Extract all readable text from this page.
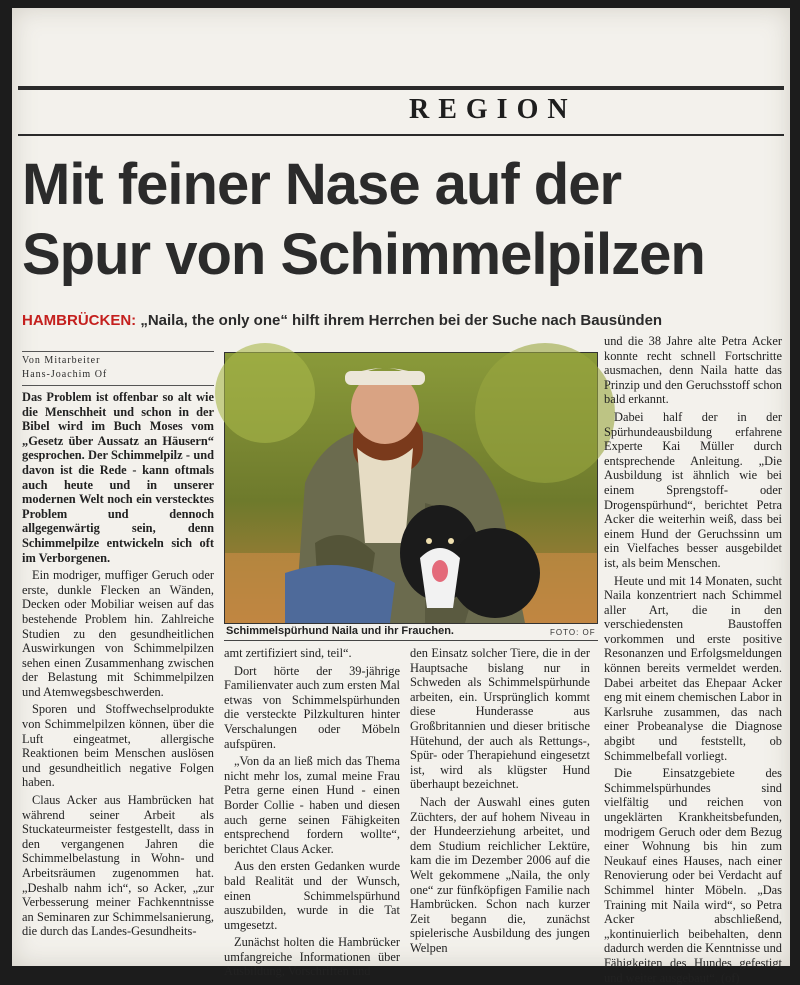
REGION
Mit feiner Nase auf der
Spur von Schimmelpilzen
HAMBRÜCKEN: „Naila, the only one“ hilft ihrem Herrchen bei der Suche nach Bausünden
Von Mitarbeiter
Hans-Joachim Of

Das Problem ist offenbar so alt wie die Menschheit und schon in der Bibel wird im Buch Moses vom „Gesetz über Aussatz an Häusern“ gesprochen. Der Schimmelpilz - und davon ist die Rede - kann oftmals auch heute und in unserer modernen Welt noch ein verstecktes Problem und dennoch allgegenwärtig sein, denn Schimmelpilze entwickeln sich oft im Verborgenen.

Ein modriger, muffiger Geruch oder erste, dunkle Flecken an Wänden, Decken oder Mobiliar weisen auf das bestehende Problem hin. Zahlreiche Studien zu den gesundheitlichen Auswirkungen von Schimmelpilzen sehen einen Zusammenhang zwischen der Belastung mit Schimmelpilzen und Atemwegsbeschwerden.

Sporen und Stoffwechselprodukte von Schimmelpilzen können, über die Luft eingeatmet, allergische Reaktionen beim Menschen auslösen und gesundheitlich negative Folgen haben.

Claus Acker aus Hambrücken hat während seiner Arbeit als Stuckateurmeister festgestellt, dass in den vergangenen Jahren die Schimmelbelastung in Wohn- und Arbeitsräumen zugenommen hat. „Deshalb nahm ich“, so Acker, „zur Verbesserung meiner Fachkenntnisse an Seminaren zur Schimmelsanierung, die durch das Landes-Gesundheits-

Schimmelspürhund Naila und ihr Frauchen.	FOTO: OF

amt zertifiziert sind, teil“.

Dort hörte der 39-jährige Familienvater auch zum ersten Mal etwas von Schimmelspürhunden die versteckte Pilzkulturen hinter Verschalungen oder Möbeln aufspüren.

„Von da an ließ mich das Thema nicht mehr los, zumal meine Frau Petra gerne einen Hund - einen Border Collie - haben und diesen auch gerne seinen Fähigkeiten entsprechend fordern wollte“, berichtet Claus Acker.

Aus den ersten Gedanken wurde bald Realität und der Wunsch, einen Schimmelspürhund auszubilden, wurde in die Tat umgesetzt.

Zunächst holten die Hambrücker umfangreiche Informationen über Ausbildung, Vorschriften und

den Einsatz solcher Tiere, die in der Hauptsache bislang nur in Schweden als Schimmelspürhunde arbeiten, ein. Ursprünglich kommt diese Hunderasse aus Großbritannien und dieser britische Hütehund, der auch als Rettungs-, Spür- oder Therapiehund eingesetzt ist, wird als klügster Hund überhaupt bezeichnet.

Nach der Auswahl eines guten Züchters, der auf hohem Niveau in der Hundeerziehung arbeitet, und dem Studium reichlicher Lektüre, kam die im Dezember 2006 auf die Welt gekommene „Naila, the only one“ zur fünfköpfigen Familie nach Hambrücken. Schon nach kurzer Zeit begann die, zunächst spielerische Ausbildung des jungen Welpen

und die 38 Jahre alte Petra Acker konnte recht schnell Fortschritte ausmachen, denn Naila hatte das Prinzip und den Geruchsstoff schon bald erkannt.

Dabei half der in der Spürhundeausbildung erfahrene Experte Kai Müller durch entsprechende Anleitung. „Die Ausbildung ist ähnlich wie bei einem Sprengstoff- oder Drogenspürhund“, berichtet Petra Acker die weiterhin weiß, dass bei einem Hund der Geruchssinn um ein Vielfaches besser ausgebildet ist, als beim Menschen.

Heute und mit 14 Monaten, sucht Naila konzentriert nach Schimmel aller Art, die in den verschiedensten Baustoffen vorkommen und erste positive Resonanzen und Erfolgsmeldungen können bereits vermeldet werden. Dabei arbeitet das Ehepaar Acker eng mit einem chemischen Labor in Karlsruhe zusammen, das nach einer Probeanalyse die Diagnose abgibt und feststellt, ob Schimmelbefall vorliegt.

Die Einsatzgebiete des Schimmelspürhundes sind vielfältig und reichen von ungeklärten Krankheitsbefunden, modrigem Geruch oder dem Bezug einer Wohnung bis hin zum Neukauf eines Hauses, nach einer Renovierung oder bei Verdacht auf Schimmel hinter Möbeln. „Das Training mit Naila wird“, so Petra Acker abschließend, „kontinuierlich beibehalten, denn dadurch werden die Kenntnisse und Fähigkeiten des Hundes gefestigt und weiter ausgebaut“. (of)
